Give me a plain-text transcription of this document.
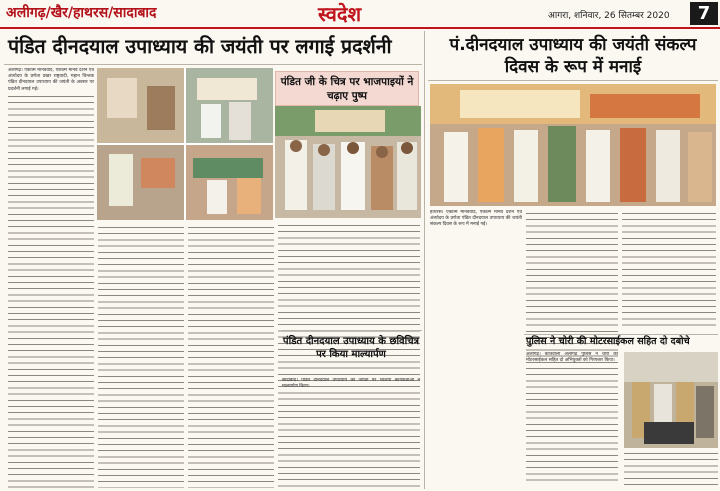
अलीगढ़/खैर/हाथरस/सादाबाद	स्वदेश	आगरा, शनिवार, 26 सितम्बर 2020	7
पंडित दीनदयाल उपाध्याय की जयंती पर लगाई प्रदर्शनी	पं.दीनदयाल उपाध्याय की जयंती संकल्प दिवस के रूप में मनाई
अलीगढ़। एकात्म मानववाद, एकात्म मानव दर्शन एवं अंत्योदय के प्रणेता प्रखर राष्ट्रवादी, महान चिन्तक पंडित दीनदयाल उपाध्याय की जयंती के अवसर पर प्रदर्शनी लगाई गई।
पंडित जी के चित्र पर भाजपाइयों ने चढ़ाए पुष्प
पंडित दीनदयाल उपाध्याय के छविचित्र पर किया माल्यार्पण
सादाबाद। पंडित दीनदयाल उपाध्याय की जयंती पर भाजपा कार्यकर्ताओं ने माल्यार्पण किया।
हाथरस। एकात्म मानववाद, एकात्म मानव दर्शन एवं अंत्योदय के प्रणेता पंडित दीनदयाल उपाध्याय की जयंती संकल्प दिवस के रूप में मनाई गई।
पुलिस ने चोरी की मोटरसाईकल सहित दो दबोचे
अलीगढ़। कोतवाली अलीगढ़ पुलिस ने चोरी की मोटरसाईकल सहित दो अभियुक्तों को गिरफ्तार किया।
